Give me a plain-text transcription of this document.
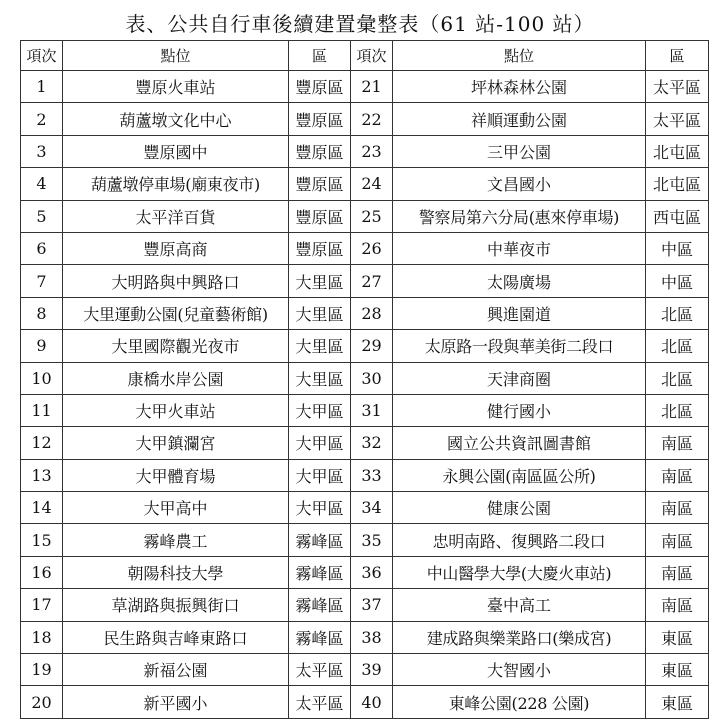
表、公共自行車後續建置彙整表（61 站-100 站）
項次	點位	區	項次	點位	區
1	豐原火車站	豐原區	21	坪林森林公園	太平區
2	葫蘆墩文化中心	豐原區	22	祥順運動公園	太平區
3	豐原國中	豐原區	23	三甲公園	北屯區
4	葫蘆墩停車場(廟東夜市)	豐原區	24	文昌國小	北屯區
5	太平洋百貨	豐原區	25	警察局第六分局(惠來停車場)	西屯區
6	豐原高商	豐原區	26	中華夜市	中區
7	大明路與中興路口	大里區	27	太陽廣場	中區
8	大里運動公園(兒童藝術館)	大里區	28	興進園道	北區
9	大里國際觀光夜市	大里區	29	太原路一段與華美街二段口	北區
10	康橋水岸公園	大里區	30	天津商圈	北區
11	大甲火車站	大甲區	31	健行國小	北區
12	大甲鎮瀾宮	大甲區	32	國立公共資訊圖書館	南區
13	大甲體育場	大甲區	33	永興公園(南區區公所)	南區
14	大甲高中	大甲區	34	健康公園	南區
15	霧峰農工	霧峰區	35	忠明南路、復興路二段口	南區
16	朝陽科技大學	霧峰區	36	中山醫學大學(大慶火車站)	南區
17	草湖路與振興街口	霧峰區	37	臺中高工	南區
18	民生路與吉峰東路口	霧峰區	38	建成路與樂業路口(樂成宮)	東區
19	新福公園	太平區	39	大智國小	東區
20	新平國小	太平區	40	東峰公園(228 公園)	東區
